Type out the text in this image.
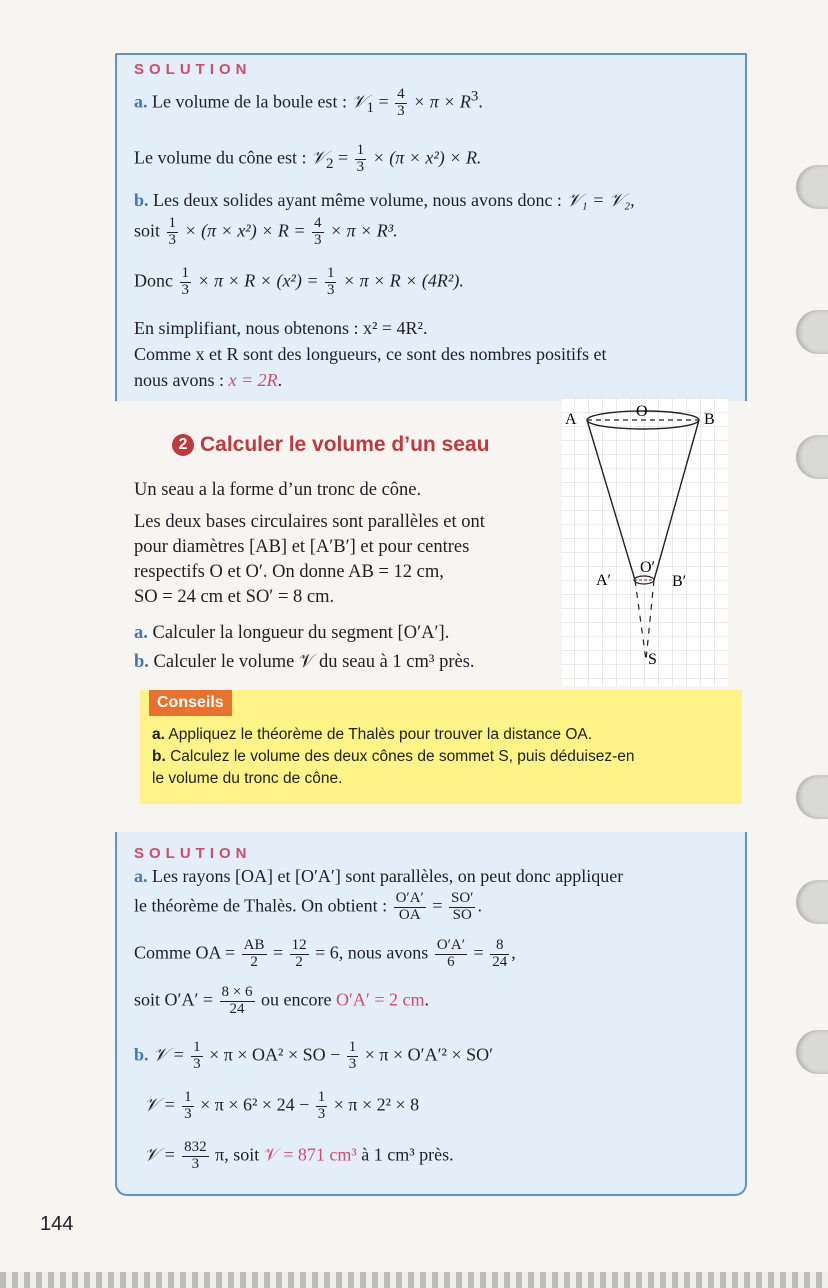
SOLUTION
a. Le volume de la boule est : 𝒱$_1$ = $\frac{4}{3} \times \pi \times R^3$.
Le volume du cône est : 𝒱$_2$ = $\frac{1}{3} \times (\pi \times x^2) \times R$.
b. Les deux solides ayant même volume, nous avons donc : 𝒱₁ = 𝒱₂,
soit $\frac{1}{3} \times (\pi \times x^2) \times R = \frac{4}{3} \times \pi \times R^3$.
Donc $\frac{1}{3} \times \pi \times R \times (x^2) = \frac{1}{3} \times \pi \times R \times (4R^2)$.
En simplifiant, nous obtenons : x² = 4R².
Comme x et R sont des longueurs, ce sont des nombres positifs et
nous avons : x = 2R.
2 Calculer le volume d’un seau
Un seau a la forme d’un tronc de cône.
Les deux bases circulaires sont parallèles et ont
pour diamètres [AB] et [A′B′] et pour centres
respectifs O et O′. On donne AB = 12 cm,
SO = 24 cm et SO′ = 8 cm.
a. Calculer la longueur du segment [O′A′].
b. Calculer le volume 𝒱 du seau à 1 cm³ près.
A	O	B
A′
O′
B′
S
Conseils
a. Appliquez le théorème de Thalès pour trouver la distance OA.
b. Calculez le volume des deux cônes de sommet S, puis déduisez-en
le volume du tronc de cône.
SOLUTION
a. Les rayons [OA] et [O′A′] sont parallèles, on peut donc appliquer
le théorème de Thalès. On obtient : $\frac{O'A'}{OA} = \frac{SO'}{SO}$ .
Comme OA = $\frac{AB}{2} = \frac{12}{2} = 6$, nous avons $\frac{O'A'}{6} = \frac{8}{24}$ ,
soit $O'A' = \frac{8 \times 6}{24}$ ou encore O′A′ = 2 cm.
b. 𝒱 = $\frac{1}{3} \times \pi \times OA^2$ × SO − $\frac{1}{3} \times \pi \times O'A'^2 \times SO'$
𝒱 = $\frac{1}{3} \times \pi \times 6^2 \times 24 - \frac{1}{3} \times \pi \times 2^2 \times 8$
𝒱 = $\frac{832}{3} \pi$, soit 𝒱 = 871 cm³ à 1 cm³ près.
144
